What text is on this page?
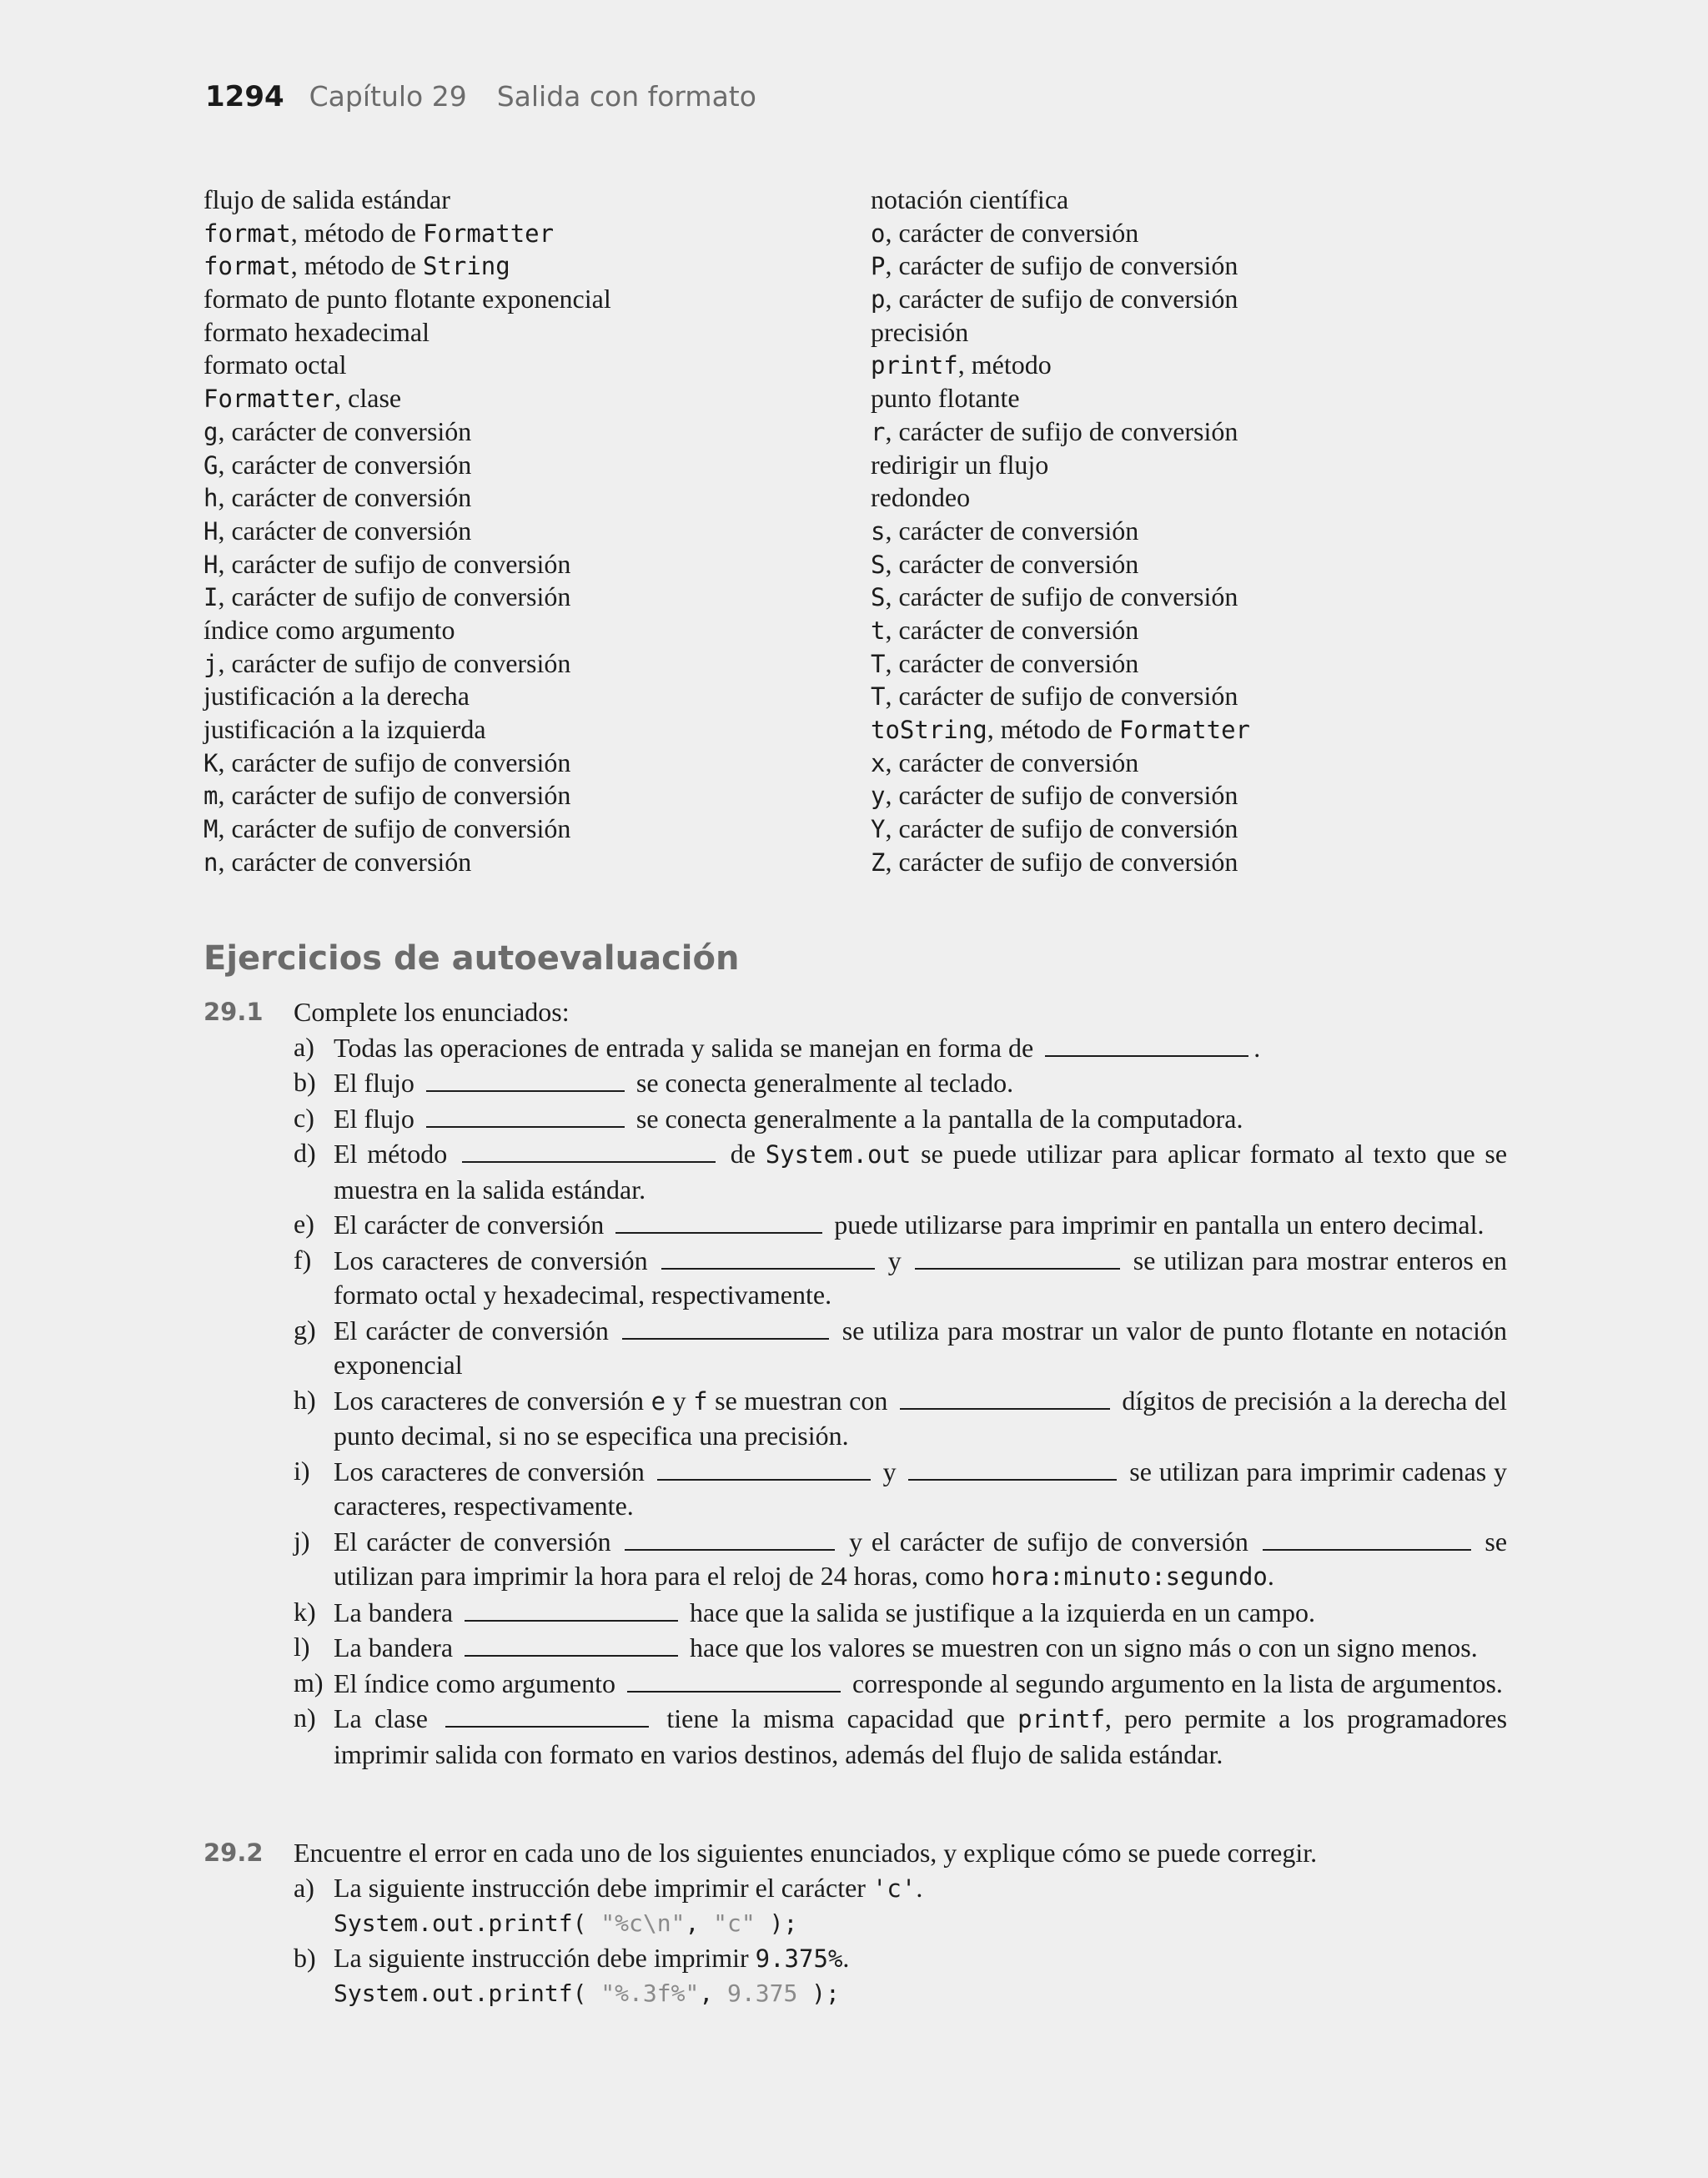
1294 Capítulo 29 Salida con formato
flujo de salida estándar
format, método de Formatter
format, método de String
formato de punto flotante exponencial
formato hexadecimal
formato octal
Formatter, clase
g, carácter de conversión
G, carácter de conversión
h, carácter de conversión
H, carácter de conversión
H, carácter de sufijo de conversión
I, carácter de sufijo de conversión
índice como argumento
j, carácter de sufijo de conversión
justificación a la derecha
justificación a la izquierda
K, carácter de sufijo de conversión
m, carácter de sufijo de conversión
M, carácter de sufijo de conversión
n, carácter de conversión
notación científica
o, carácter de conversión
P, carácter de sufijo de conversión
p, carácter de sufijo de conversión
precisión
printf, método
punto flotante
r, carácter de sufijo de conversión
redirigir un flujo
redondeo
s, carácter de conversión
S, carácter de conversión
S, carácter de sufijo de conversión
t, carácter de conversión
T, carácter de conversión
T, carácter de sufijo de conversión
toString, método de Formatter
x, carácter de conversión
y, carácter de sufijo de conversión
Y, carácter de sufijo de conversión
Z, carácter de sufijo de conversión
Ejercicios de autoevaluación
29.1 Complete los enunciados:
a) Todas las operaciones de entrada y salida se manejan en forma de	.
b) El flujo	se conecta generalmente al teclado.
c) El flujo	se conecta generalmente a la pantalla de la computadora.
d) El método	de System.out se puede utilizar para aplicar formato al texto que se muestra en la salida estándar.
e) El carácter de conversión	puede utilizarse para imprimir en pantalla un entero decimal.
f) Los caracteres de conversión	y	se utilizan para mostrar enteros en formato octal y hexadecimal, respectivamente.
g) El carácter de conversión	se utiliza para mostrar un valor de punto flotante en notación exponencial
h) Los caracteres de conversión e y f se muestran con	dígitos de precisión a la derecha del punto decimal, si no se especifica una precisión.
i) Los caracteres de conversión	y	se utilizan para imprimir cadenas y caracteres, respectivamente.
j) El carácter de conversión	y el carácter de sufijo de conversión	se utilizan para imprimir la hora para el reloj de 24 horas, como hora:minuto:segundo.
k) La bandera	hace que la salida se justifique a la izquierda en un campo.
l) La bandera	hace que los valores se muestren con un signo más o con un signo menos.
m) El índice como argumento	corresponde al segundo argumento en la lista de argumentos.
n) La clase	tiene la misma capacidad que printf, pero permite a los programadores imprimir salida con formato en varios destinos, además del flujo de salida estándar.
29.2 Encuentre el error en cada uno de los siguientes enunciados, y explique cómo se puede corregir.
a) La siguiente instrucción debe imprimir el carácter 'c'.
System.out.printf( "%c\n", "c" );
b) La siguiente instrucción debe imprimir 9.375%.
System.out.printf( "%.3f%", 9.375 );
